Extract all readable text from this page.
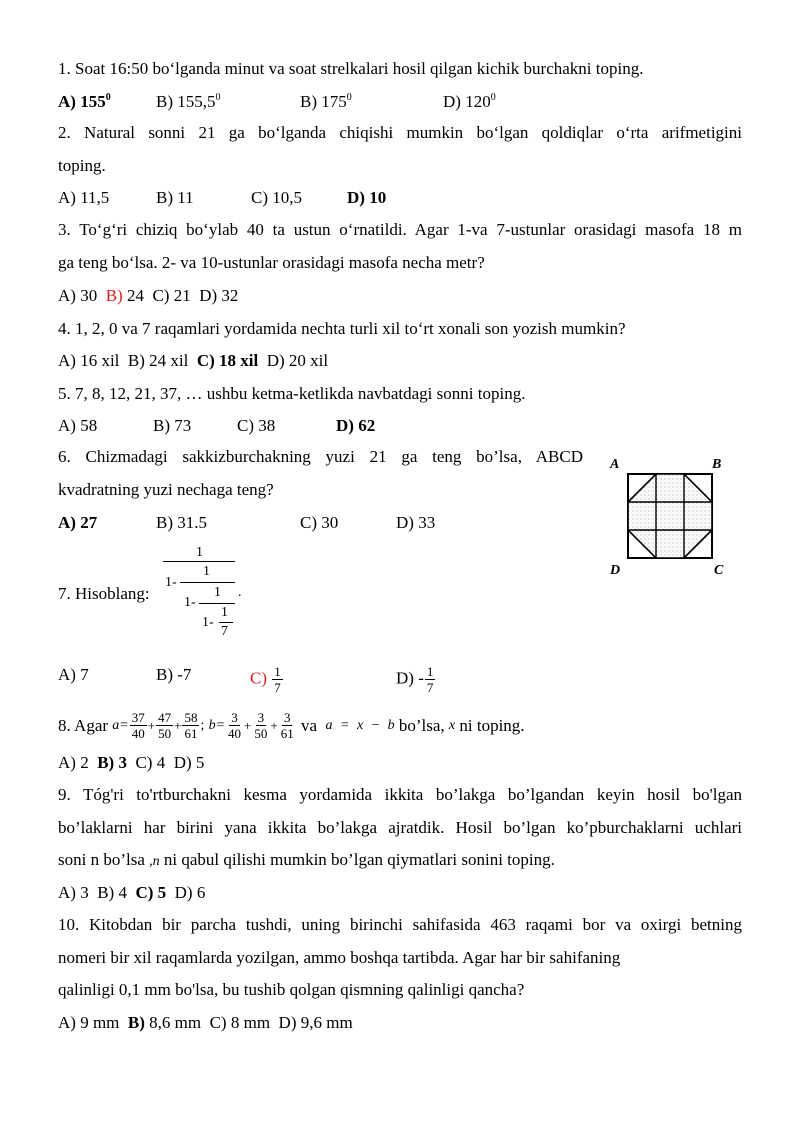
1. Soat 16:50 bo‘lganda minut va soat strelkalari hosil qilgan kichik burchakni toping.
A) $155^0$	B) 155,5$^0$	B) $175^0$	D) $120^0$
2. Natural sonni 21 ga bo‘lganda chiqishi mumkin bo‘lgan qoldiqlar o‘rta arifmetigini
toping.
A) 11,5	B) 11	C) 10,5	D) 10
3. To‘g‘ri chiziq bo‘ylab 40 ta ustun o‘rnatildi. Agar 1-va 7-ustunlar orasidagi masofa 18 m
ga teng bo‘lsa. 2- va 10-ustunlar orasidagi masofa necha metr?
A) 30 B) 24 C) 21 D) 32
4. 1, 2, 0 va 7 raqamlari yordamida nechta turli xil to‘rt xonali son yozish mumkin?
A) 16 xil B) 24 xil C) 18 xil D) 20 xil
5. 7, 8, 12, 21, 37, … ushbu ketma-ketlikda navbatdagi sonni toping.
A) 58	B) 73	C) 38	D) 62
6. Chizmadagi sakkizburchakning yuzi 21 ga teng bo’lsa, ABCD
kvadratning yuzi nechaga teng?
A) 27	B) 31.5	C) 30	D) 33
A	B
D	C
7. Hisoblang:
1
1-
1
1-
1
1-
1
7
.
A) 7	B) -7	$C) \frac{1}{7}$	$D) - \frac{1}{7}$
8. Agar
$a= \frac{37}{40} + \frac{47}{50} + \frac{58}{61}$ ;
$b= \frac{3}{40} + \frac{3}{50} + \frac{3}{61}$
va
a = x − b
bo’lsa,
x
ni toping.
A) 2 B) 3 C) 4 D) 5
9. Tóg'ri to'rtburchakni kesma yordamida ikkita bo’lakga bo’lgandan keyin hosil bo'lgan
bo’laklarni har birini yana ikkita bo’lakga ajratdik. Hosil bo’lgan ko’pburchaklarni uchlari
soni n bo’lsa ,n ni qabul qilishi mumkin bo’lgan qiymatlari sonini toping.
A) 3 B) 4 C) 5 D) 6
10. Kitobdan bir parcha tushdi, uning birinchi sahifasida 463 raqami bor va oxirgi betning
nomeri bir xil raqamlarda yozilgan, ammo boshqa tartibda. Agar har bir sahifaning
qalinligi 0,1 mm bo'lsa, bu tushib qolgan qismning qalinligi qancha?
A) 9 mm B) 8,6 mm C) 8 mm D) 9,6 mm
